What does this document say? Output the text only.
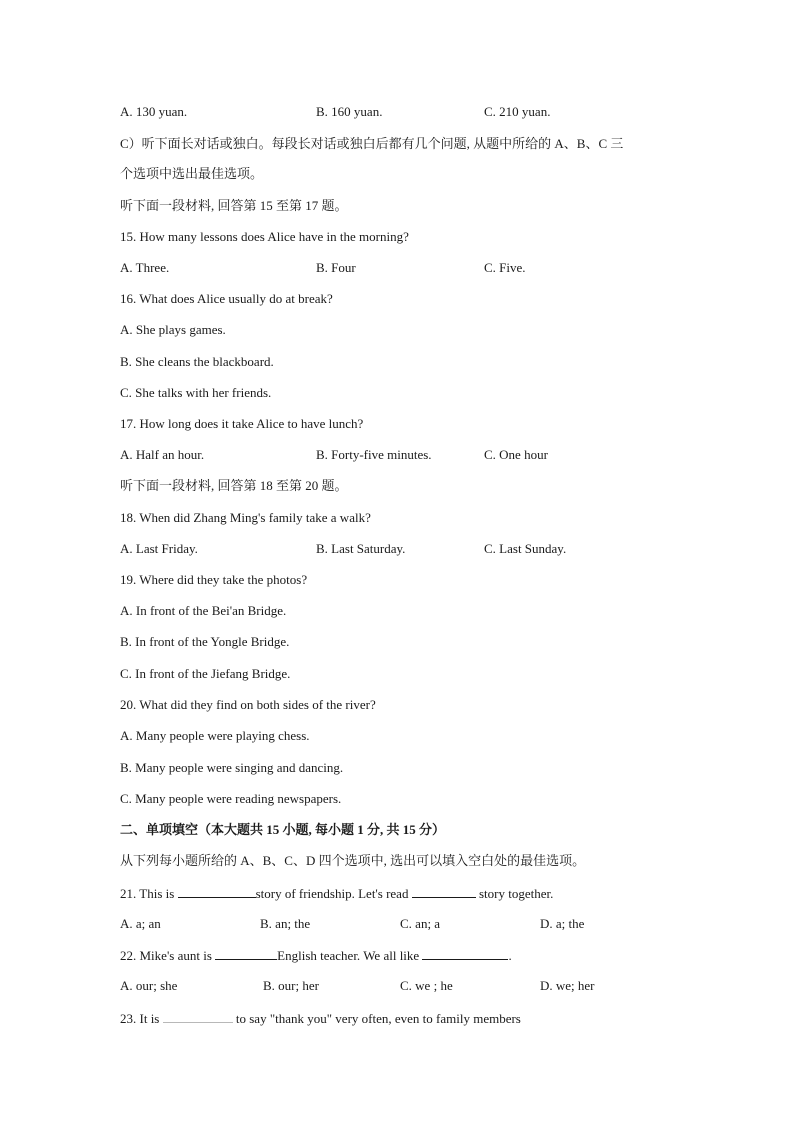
A. 130 yuan.	B. 160 yuan.	C. 210 yuan.
C）听下面长对话或独白。每段长对话或独白后都有几个问题, 从题中所给的 A、B、C 三
个选项中选出最佳选项。
听下面一段材料, 回答第 15 至第 17 题。
15. How many lessons does Alice have in the morning?
A. Three.	B. Four	C. Five.
16. What does Alice usually do at break?
A. She plays games.
B. She cleans the blackboard.
C. She talks with her friends.
17. How long does it take Alice to have lunch?
A. Half an hour.	B. Forty-five minutes.	C. One hour
听下面一段材料, 回答第 18 至第 20 题。
18. When did Zhang Ming's family take a walk?
A. Last Friday.	B. Last Saturday.	C. Last Sunday.
19. Where did they take the photos?
A. In front of the Bei'an Bridge.
B. In front of the Yongle Bridge.
C. In front of the Jiefang Bridge.
20. What did they find on both sides of the river?
A. Many people were playing chess.
B. Many people were singing and dancing.
C. Many people were reading newspapers.
二、单项填空（本大题共 15 小题, 每小题 1 分, 共 15 分）
从下列每小题所给的 A、B、C、D 四个选项中, 选出可以填入空白处的最佳选项。
21. This is	story of friendship. Let's read	story together.
A. a; an	B. an; the	C. an; a	D. a; the
22. Mike's aunt is	English teacher. We all like	.
A. our; she	B. our; her	C. we ; he	D. we; her
23. It is	to say "thank you" very often, even to family members
